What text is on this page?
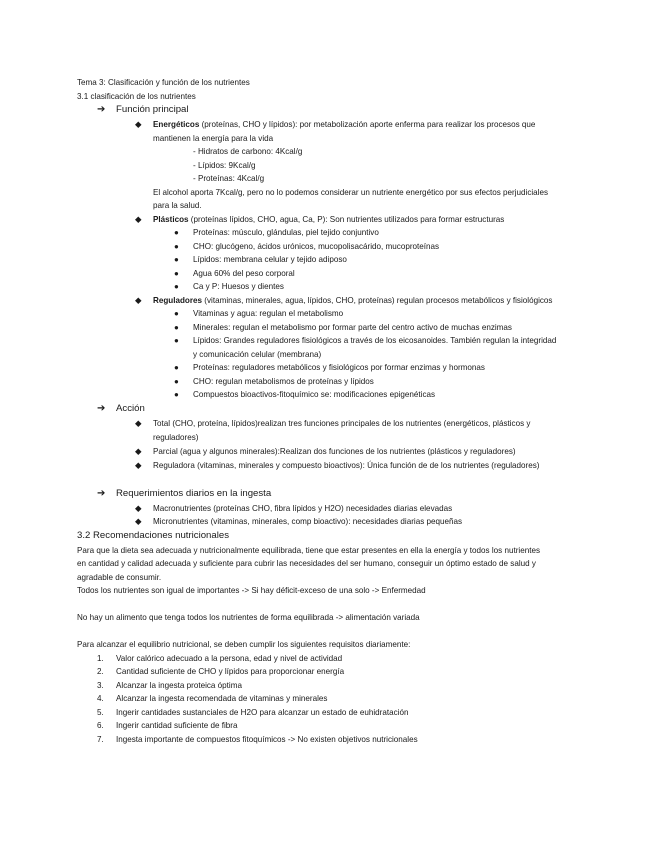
Tema 3: Clasificación y función de los nutrientes
3.1 clasificación de los nutrientes
➔ Función principal
◆ Energéticos (proteínas, CHO y lípidos): por metabolización aporte enferma para realizar los procesos que
mantienen la energía para la vida
- Hidratos de carbono: 4Kcal/g
- Lípidos: 9Kcal/g
- Proteínas: 4Kcal/g
El alcohol aporta 7Kcal/g, pero no lo podemos considerar un nutriente energético por sus efectos perjudiciales
para la salud.
◆ Plásticos (proteínas lípidos, CHO, agua, Ca, P): Son nutrientes utilizados para formar estructuras
● Proteínas: músculo, glándulas, piel tejido conjuntivo
● CHO: glucógeno, ácidos urónicos, mucopolisacárido, mucoproteínas
● Lípidos: membrana celular y tejido adiposo
● Agua 60% del peso corporal
● Ca y P: Huesos y dientes
◆ Reguladores (vitaminas, minerales, agua, lípidos, CHO, proteínas) regulan procesos metabólicos y fisiológicos
● Vitaminas y agua: regulan el metabolismo
● Minerales: regulan el metabolismo por formar parte del centro activo de muchas enzimas
● Lípidos: Grandes reguladores fisiológicos a través de los eicosanoides. También regulan la integridad
y comunicación celular (membrana)
● Proteínas: reguladores metabólicos y fisiológicos por formar enzimas y hormonas
● CHO: regulan metabolismos de proteínas y lípidos
● Compuestos bioactivos-fitoquímico se: modificaciones epigenéticas
➔ Acción
◆ Total (CHO, proteína, lípidos)realizan tres funciones principales de los nutrientes (energéticos, plásticos y
reguladores)
◆ Parcial (agua y algunos minerales):Realizan dos funciones de los nutrientes (plásticos y reguladores)
◆ Reguladora (vitaminas, minerales y compuesto bioactivos): Única función de de los nutrientes (reguladores)
➔ Requerimientos diarios en la ingesta
◆ Macronutrientes (proteínas CHO, fibra lípidos y H2O) necesidades diarias elevadas
◆ Micronutrientes (vitaminas, minerales, comp bioactivo): necesidades diarias pequeñas
3.2 Recomendaciones nutricionales
Para que la dieta sea adecuada y nutricionalmente equilibrada, tiene que estar presentes en ella la energía y todos los nutrientes
en cantidad y calidad adecuada y suficiente para cubrir las necesidades del ser humano, conseguir un óptimo estado de salud y
agradable de consumir.
Todos los nutrientes son igual de importantes -> Si hay déficit-exceso de una solo -> Enfermedad
No hay un alimento que tenga todos los nutrientes de forma equilibrada -> alimentación variada
Para alcanzar el equilibrio nutricional, se deben cumplir los siguientes requisitos diariamente:
1. Valor calórico adecuado a la persona, edad y nivel de actividad
2. Cantidad suficiente de CHO y lípidos para proporcionar energía
3. Alcanzar la ingesta proteica óptima
4. Alcanzar la ingesta recomendada de vitaminas y minerales
5. Ingerir cantidades sustanciales de H2O para alcanzar un estado de euhidratación
6. Ingerir cantidad suficiente de fibra
7. Ingesta importante de compuestos fitoquímicos -> No existen objetivos nutricionales
